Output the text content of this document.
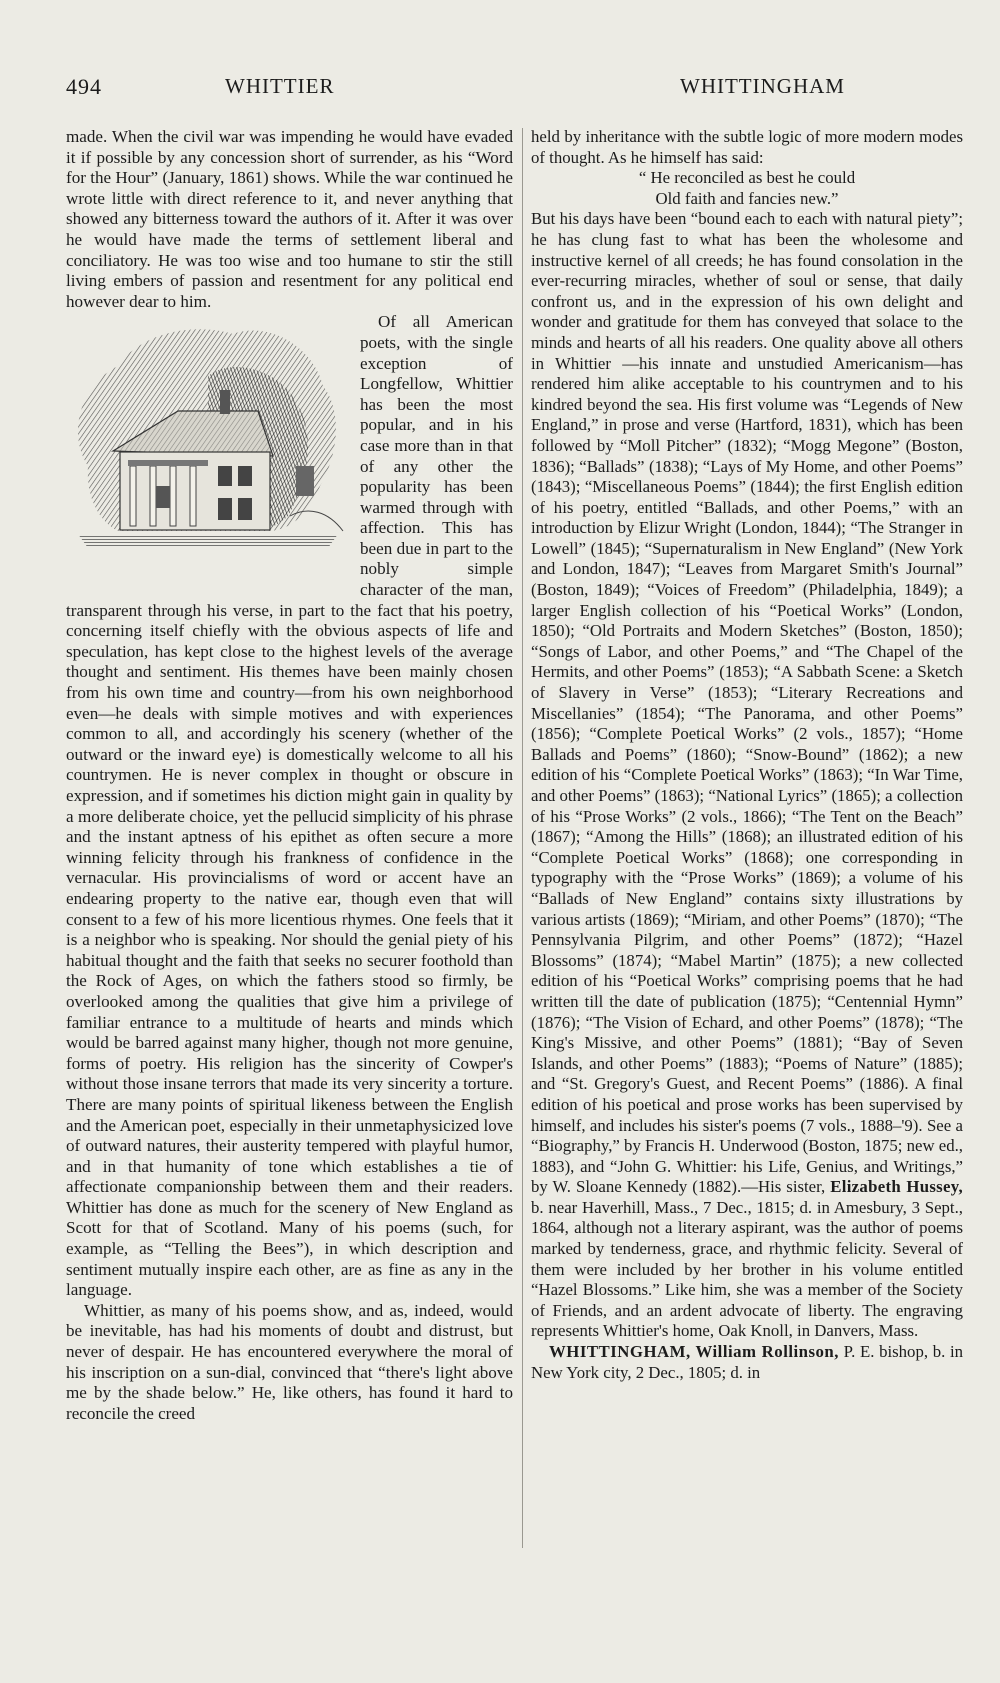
494	WHITTIER	WHITTINGHAM

made. When the civil war was impending he would have evaded it if possible by any concession short of surrender, as his “Word for the Hour” (January, 1861) shows. While the war continued he wrote little with direct reference to it, and never anything that showed any bitterness toward the authors of it. After it was over he would have made the terms of settlement liberal and conciliatory. He was too wise and too humane to stir the still living embers of passion and resentment for any political end however dear to him.

Of all American poets, with the single exception of Longfellow, Whittier has been the most popular, and in his case more than in that of any other the popularity has been warmed through with affection. This has been due in part to the nobly simple character of the man, transparent through his verse, in part to the fact that his poetry, concerning itself chiefly with the obvious aspects of life and speculation, has kept close to the highest levels of the average thought and sentiment. His themes have been mainly chosen from his own time and country—from his own neighborhood even—he deals with simple motives and with experiences common to all, and accordingly his scenery (whether of the outward or the inward eye) is domestically welcome to all his countrymen. He is never complex in thought or obscure in expression, and if sometimes his diction might gain in quality by a more deliberate choice, yet the pellucid simplicity of his phrase and the instant aptness of his epithet as often secure a more winning felicity through his frankness of confidence in the vernacular. His provincialisms of word or accent have an endearing property to the native ear, though even that will consent to a few of his more licentious rhymes. One feels that it is a neighbor who is speaking. Nor should the genial piety of his habitual thought and the faith that seeks no securer foothold than the Rock of Ages, on which the fathers stood so firmly, be overlooked among the qualities that give him a privilege of familiar entrance to a multitude of hearts and minds which would be barred against many higher, though not more genuine, forms of poetry. His religion has the sincerity of Cowper's without those insane terrors that made its very sincerity a torture. There are many points of spiritual likeness between the English and the American poet, especially in their unmetaphysicized love of outward natures, their austerity tempered with playful humor, and in that humanity of tone which establishes a tie of affectionate companionship between them and their readers. Whittier has done as much for the scenery of New England as Scott for that of Scotland. Many of his poems (such, for example, as “Telling the Bees”), in which description and sentiment mutually inspire each other, are as fine as any in the language.

Whittier, as many of his poems show, and as, indeed, would be inevitable, has had his moments of doubt and distrust, but never of despair. He has encountered everywhere the moral of his inscription on a sun-dial, convinced that “there's light above me by the shade below.” He, like others, has found it hard to reconcile the creed

held by inheritance with the subtle logic of more modern modes of thought. As he himself has said:

“ He reconciled as best he could
Old faith and fancies new.”

But his days have been “bound each to each with natural piety”; he has clung fast to what has been the wholesome and instructive kernel of all creeds; he has found consolation in the ever-recurring miracles, whether of soul or sense, that daily confront us, and in the expression of his own delight and wonder and gratitude for them has conveyed that solace to the minds and hearts of all his readers. One quality above all others in Whittier —his innate and unstudied Americanism—has rendered him alike acceptable to his countrymen and to his kindred beyond the sea. His first volume was “Legends of New England,” in prose and verse (Hartford, 1831), which has been followed by “Moll Pitcher” (1832); “Mogg Megone” (Boston, 1836); “Ballads” (1838); “Lays of My Home, and other Poems” (1843); “Miscellaneous Poems” (1844); the first English edition of his poetry, entitled “Ballads, and other Poems,” with an introduction by Elizur Wright (London, 1844); “The Stranger in Lowell” (1845); “Supernaturalism in New England” (New York and London, 1847); “Leaves from Margaret Smith's Journal” (Boston, 1849); “Voices of Freedom” (Philadelphia, 1849); a larger English collection of his “Poetical Works” (London, 1850); “Old Portraits and Modern Sketches” (Boston, 1850); “Songs of Labor, and other Poems,” and “The Chapel of the Hermits, and other Poems” (1853); “A Sabbath Scene: a Sketch of Slavery in Verse” (1853); “Literary Recreations and Miscellanies” (1854); “The Panorama, and other Poems” (1856); “Complete Poetical Works” (2 vols., 1857); “Home Ballads and Poems” (1860); “Snow-Bound” (1862); a new edition of his “Complete Poetical Works” (1863); “In War Time, and other Poems” (1863); “National Lyrics” (1865); a collection of his “Prose Works” (2 vols., 1866); “The Tent on the Beach” (1867); “Among the Hills” (1868); an illustrated edition of his “Complete Poetical Works” (1868); one corresponding in typography with the “Prose Works” (1869); a volume of his “Ballads of New England” contains sixty illustrations by various artists (1869); “Miriam, and other Poems” (1870); “The Pennsylvania Pilgrim, and other Poems” (1872); “Hazel Blossoms” (1874); “Mabel Martin” (1875); a new collected edition of his “Poetical Works” comprising poems that he had written till the date of publication (1875); “Centennial Hymn” (1876); “The Vision of Echard, and other Poems” (1878); “The King's Missive, and other Poems” (1881); “Bay of Seven Islands, and other Poems” (1883); “Poems of Nature” (1885); and “St. Gregory's Guest, and Recent Poems” (1886). A final edition of his poetical and prose works has been supervised by himself, and includes his sister's poems (7 vols., 1888–'9). See a “Biography,” by Francis H. Underwood (Boston, 1875; new ed., 1883), and “John G. Whittier: his Life, Genius, and Writings,” by W. Sloane Kennedy (1882).—His sister, Elizabeth Hussey, b. near Haverhill, Mass., 7 Dec., 1815; d. in Amesbury, 3 Sept., 1864, although not a literary aspirant, was the author of poems marked by tenderness, grace, and rhythmic felicity. Several of them were included by her brother in his volume entitled “Hazel Blossoms.” Like him, she was a member of the Society of Friends, and an ardent advocate of liberty. The engraving represents Whittier's home, Oak Knoll, in Danvers, Mass.

WHITTINGHAM, William Rollinson, P. E. bishop, b. in New York city, 2 Dec., 1805; d. in
